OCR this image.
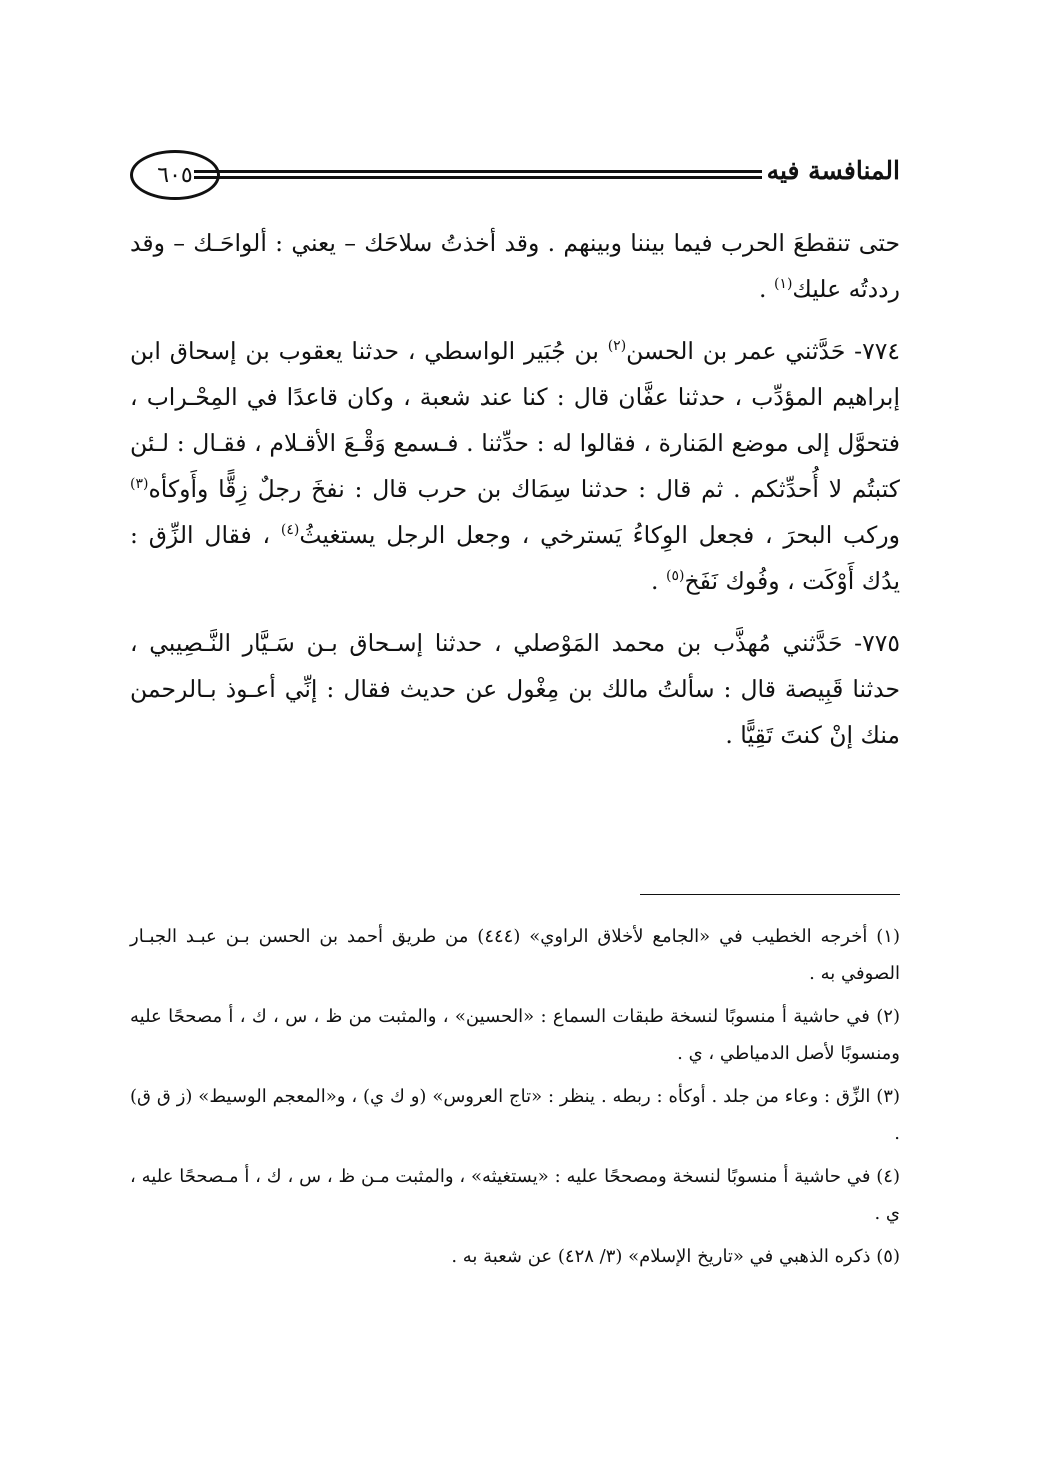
٦٠٥	المنافسة فيه

حتى تنقطعَ الحرب فيما بيننا وبينهم . وقد أخذتُ سلاحَك – يعني : ألواحَـك – وقد رددتُه عليك$^{(١)}$ .

٧٧٤- حَدَّثني عمر بن الحسن$^{(٢)}$ بن جُبَير الواسطي ، حدثنا يعقوب بن إسحاق ابن إبراهيم المؤدِّب ، حدثنا عفَّان قال : كنا عند شعبة ، وكان قاعدًا في المِحْـراب ، فتحوَّل إلى موضع المَنارة ، فقالوا له : حدِّثنا . فـسمع وَقْـعَ الأقـلام ، فقـال : لـئن كتبتُم لا أُحدِّثكم . ثم قال : حدثنا سِمَاك بن حرب قال : نفخَ رجلٌ زِقًّا وأَوكأه$^{(٣)}$ وركب البحرَ ، فجعل الوِكاءُ يَسترخي ، وجعل الرجل يستغيثُ$^{(٤)}$ ، فقال الزِّق : يدُك أَوْكَت ، وفُوك نَفَخ$^{(٥)}$ .

٧٧٥- حَدَّثني مُهذَّب بن محمد المَوْصلي ، حدثنا إسـحاق بـن سَـيَّار النَّـصِيبي ، حدثنا قَبِيصة قال : سألتُ مالك بن مِغْول عن حديث فقال : إنِّي أعـوذ بـالرحمن منك إنْ كنتَ تَقِيًّا .

(١) أخرجه الخطيب في «الجامع لأخلاق الراوي» (٤٤٤) من طريق أحمد بن الحسن بـن عبـد الجبـار الصوفي به .

(٢) في حاشية أ منسوبًا لنسخة طبقات السماع : «الحسين» ، والمثبت من ظ ، س ، ك ، أ مصححًا عليه ومنسوبًا لأصل الدمياطي ، ي .

(٣) الزِّق : وعاء من جلد . أوكأه : ربطه . ينظر : «تاج العروس» (و ك ي) ، و«المعجم الوسيط» (ز ق ق) .

(٤) في حاشية أ منسوبًا لنسخة ومصححًا عليه : «يستغيثه» ، والمثبت مـن ظ ، س ، ك ، أ مـصححًا عليه ، ي .

(٥) ذكره الذهبي في «تاريخ الإسلام» (٣/ ٤٢٨) عن شعبة به .
